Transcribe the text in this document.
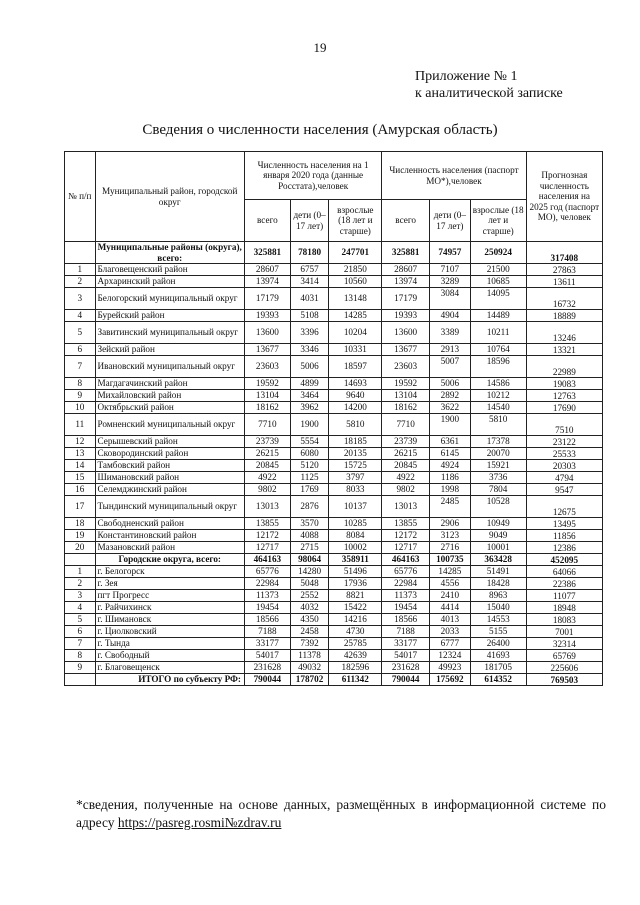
19
Приложение № 1
к аналитической записке
Сведения о численности населения (Амурская область)
№ п/п	Муниципальный район, городской округ	Численность населения на 1 января 2020 года (данные Росстата),человек			Численность населения (паспорт МО*),человек			Прогнозная численность населения на 2025 год (паспорт МО), человек
		всего	дети (0–17 лет)	взрослые (18 лет и старше)	всего	дети (0–17 лет)	взрослые (18 лет и старше)	
	Муниципальные районы (округа), всего:	325881	78180	247701	325881	74957	250924	317408
1	Благовещенский район	28607	6757	21850	28607	7107	21500	27863
2	Архаринский район	13974	3414	10560	13974	3289	10685	13611
3	Белогорский муниципальный округ	17179	4031	13148	17179	3084	14095	16732
4	Бурейский район	19393	5108	14285	19393	4904	14489	18889
5	Завитинский муниципальный округ	13600	3396	10204	13600	3389	10211	13246
6	Зейский район	13677	3346	10331	13677	2913	10764	13321
7	Ивановский муниципальный округ	23603	5006	18597	23603	5007	18596	22989
8	Магдагачинский район	19592	4899	14693	19592	5006	14586	19083
9	Михайловский район	13104	3464	9640	13104	2892	10212	12763
10	Октябрьский район	18162	3962	14200	18162	3622	14540	17690
11	Ромненский муниципальный округ	7710	1900	5810	7710	1900	5810	7510
12	Серышевский район	23739	5554	18185	23739	6361	17378	23122
13	Сковородинский район	26215	6080	20135	26215	6145	20070	25533
14	Тамбовский район	20845	5120	15725	20845	4924	15921	20303
15	Шимановский район	4922	1125	3797	4922	1186	3736	4794
16	Селемджинский район	9802	1769	8033	9802	1998	7804	9547
17	Тындинский муниципальный округ	13013	2876	10137	13013	2485	10528	12675
18	Свободненский район	13855	3570	10285	13855	2906	10949	13495
19	Константиновский район	12172	4088	8084	12172	3123	9049	11856
20	Мазановский район	12717	2715	10002	12717	2716	10001	12386
	Городские округа, всего:	464163	98064	358911	464163	100735	363428	452095
1	г. Белогорск	65776	14280	51496	65776	14285	51491	64066
2	г. Зея	22984	5048	17936	22984	4556	18428	22386
3	пгт Прогресс	11373	2552	8821	11373	2410	8963	11077
4	г. Райчихинск	19454	4032	15422	19454	4414	15040	18948
5	г. Шимановск	18566	4350	14216	18566	4013	14553	18083
6	г. Циолковский	7188	2458	4730	7188	2033	5155	7001
7	г. Тында	33177	7392	25785	33177	6777	26400	32314
8	г. Свободный	54017	11378	42639	54017	12324	41693	65769
9	г. Благовещенск	231628	49032	182596	231628	49923	181705	225606
	ИТОГО по субъекту РФ:	790044	178702	611342	790044	175692	614352	769503
*сведения, полученные на основе данных, размещённых в информационной системе по адресу https://pasreg.rosmi№zdrav.ru
